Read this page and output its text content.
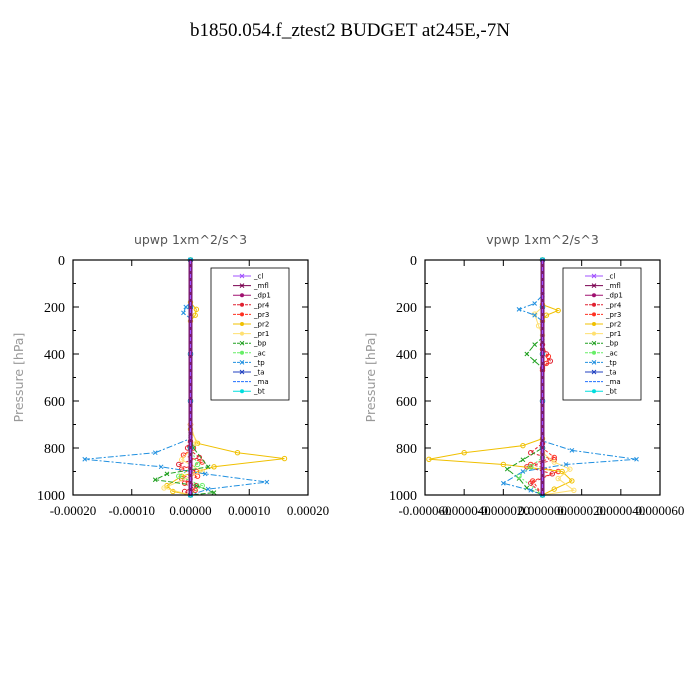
b1850.054.f_ztest2 BUDGET at245E,-7N
upwp 1xm^2/s^3
Pressure [hPa]
0
200
400
600
800
1000
-0.00020 -0.00010 0.00000 0.00010 0.00020
_cl
_mfl
_dp1
_pr4
_pr3
_pr2
_pr1
_bp
_ac
_tp
_ta
_ma
_bt
vpwp 1xm^2/s^3
Pressure [hPa]
0
200
400
600
800
1000
-0.000060
-0.000040
-0.000020
0.000000
0.000020
0.000040
0.000060
_cl
_mfl
_dp1
_pr4
_pr3
_pr2
_pr1
_bp
_ac
_tp
_ta
_ma
_bt
